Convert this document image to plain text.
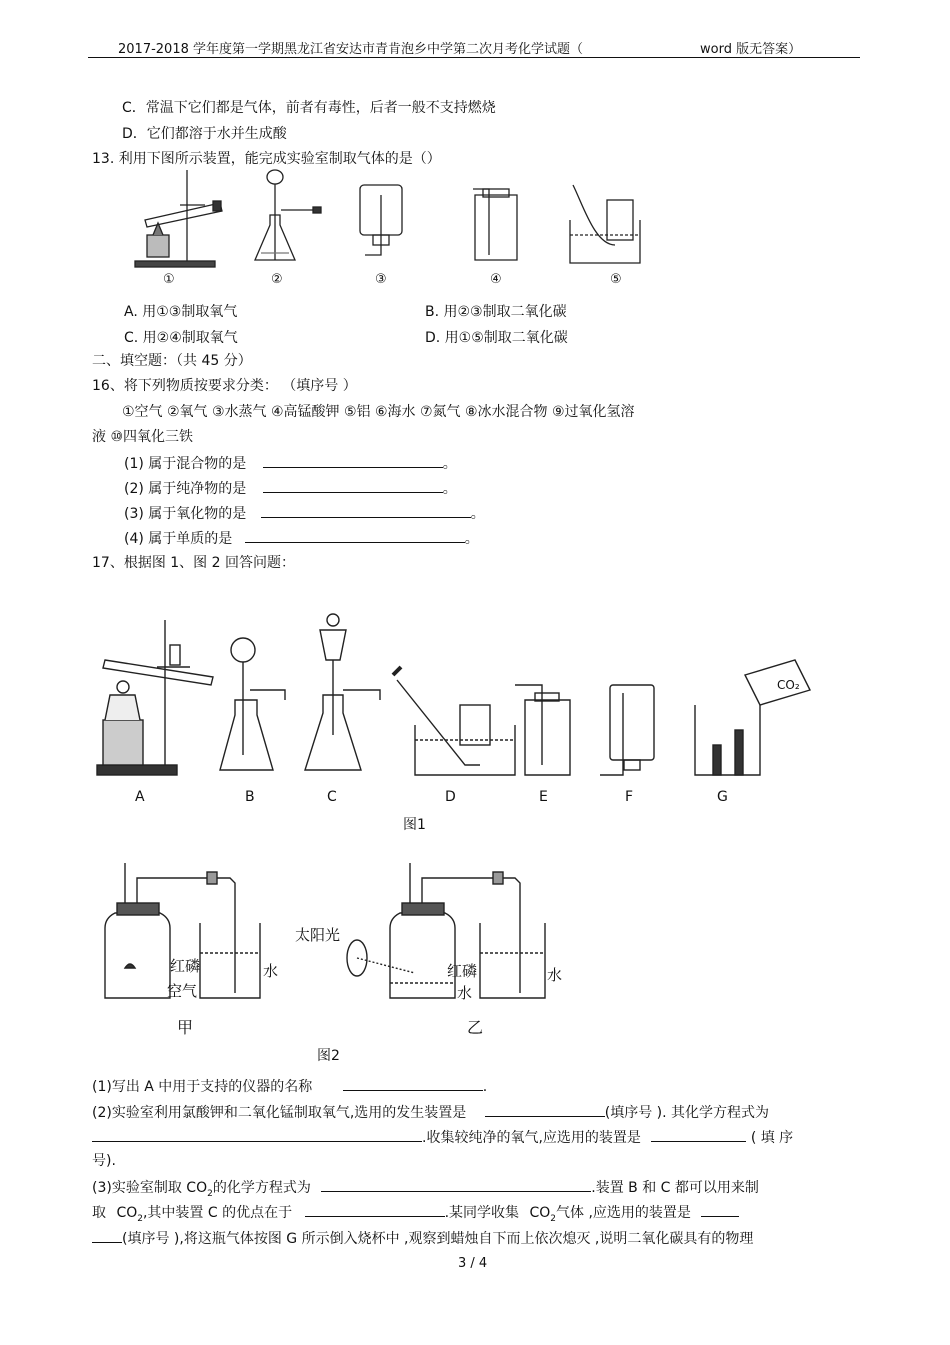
2017-2018 学年度第一学期黑龙江省安达市青肯泡乡中学第二次月考化学试题（	word 版无答案）
C．常温下它们都是气体，前者有毒性，后者一般不支持燃烧
D．它们都溶于水并生成酸
13. 利用下图所示装置，能完成实验室制取气体的是（）
①	②	③	④	⑤
A. 用①③制取氧气	B. 用②③制取二氧化碳
C. 用②④制取氧气	D. 用①⑤制取二氧化碳
二、填空题：（共 45 分）
16、将下列物质按要求分类： （填序号 ）
①空气 ②氧气 ③水蒸气 ④高锰酸钾 ⑤铝 ⑥海水 ⑦氮气 ⑧冰水混合物 ⑨过氧化氢溶
液 ⑩四氧化三铁
(1) 属于混合物的是	。
(2) 属于纯净物的是	。
(3) 属于氧化物的是	。
(4) 属于单质的是	。
17、根据图 1、图 2 回答问题：
CO₂
A	B	C	D	E	F	G
图1
红磷
空气
水
太阳光
红磷
水
水
甲	乙
图2
(1)写出 A 中用于支持的仪器的名称	.
(2)实验室利用氯酸钾和二氧化锰制取氧气,选用的发生装置是	(填序号 ). 其化学方程式为
.收集较纯净的氧气,应选用的装置是	( 填 序
号).
(3)实验室制取 $CO_2$的化学方程式为	.装置 B 和 C 都可以用来制
取 $CO_2$,其中装置 C 的优点在于	.某同学收集 $CO_2$气体 ,应选用的装置是
(填序号 ),将这瓶气体按图 G 所示倒入烧杯中 ,观察到蜡烛自下而上依次熄灭 ,说明二氧化碳具有的物理
3 / 4
